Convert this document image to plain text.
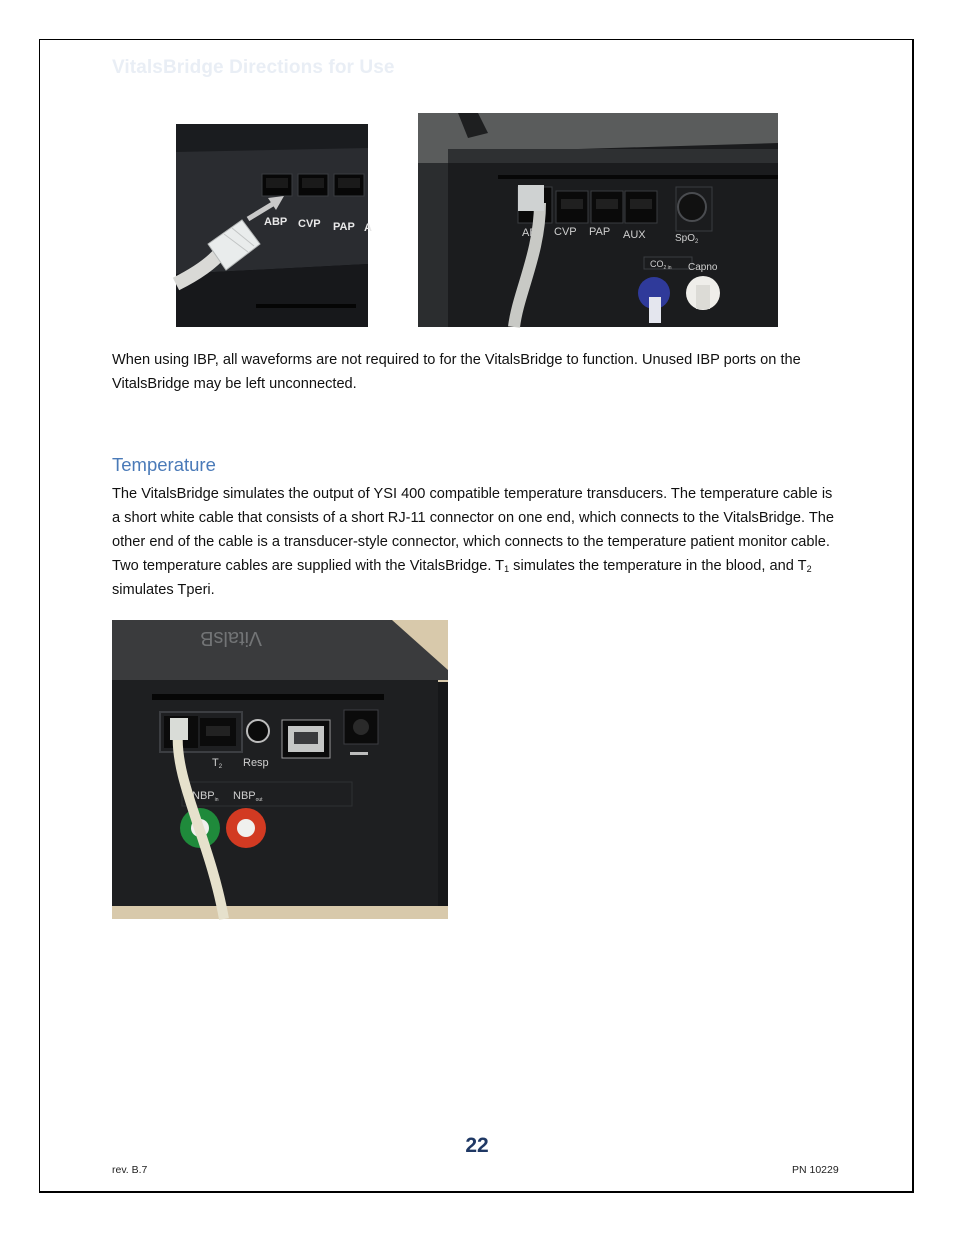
VitalsBridge Directions for Use
ABP CVP PAP A	ABP CVP PAP AUX	SpO$_2$
$CO_{2 in}$ Capno

When using IBP, all waveforms are not required to for the VitalsBridge to function. Unused IBP ports on the VitalsBridge may be left unconnected.

Temperature

The VitalsBridge simulates the output of YSI 400 compatible temperature transducers. The temperature cable is a short white cable that consists of a short RJ-11 connector on one end, which connects to the VitalsBridge. The other end of the cable is a transducer-style connector, which connects to the temperature patient monitor cable. Two temperature cables are supplied with the VitalsBridge. $T_1$ simulates the temperature in the blood, and $T_2$ simulates Tperi.

VitalsB
T2 Resp
NBPin NBPout
22
rev. B.7	PN 10229
